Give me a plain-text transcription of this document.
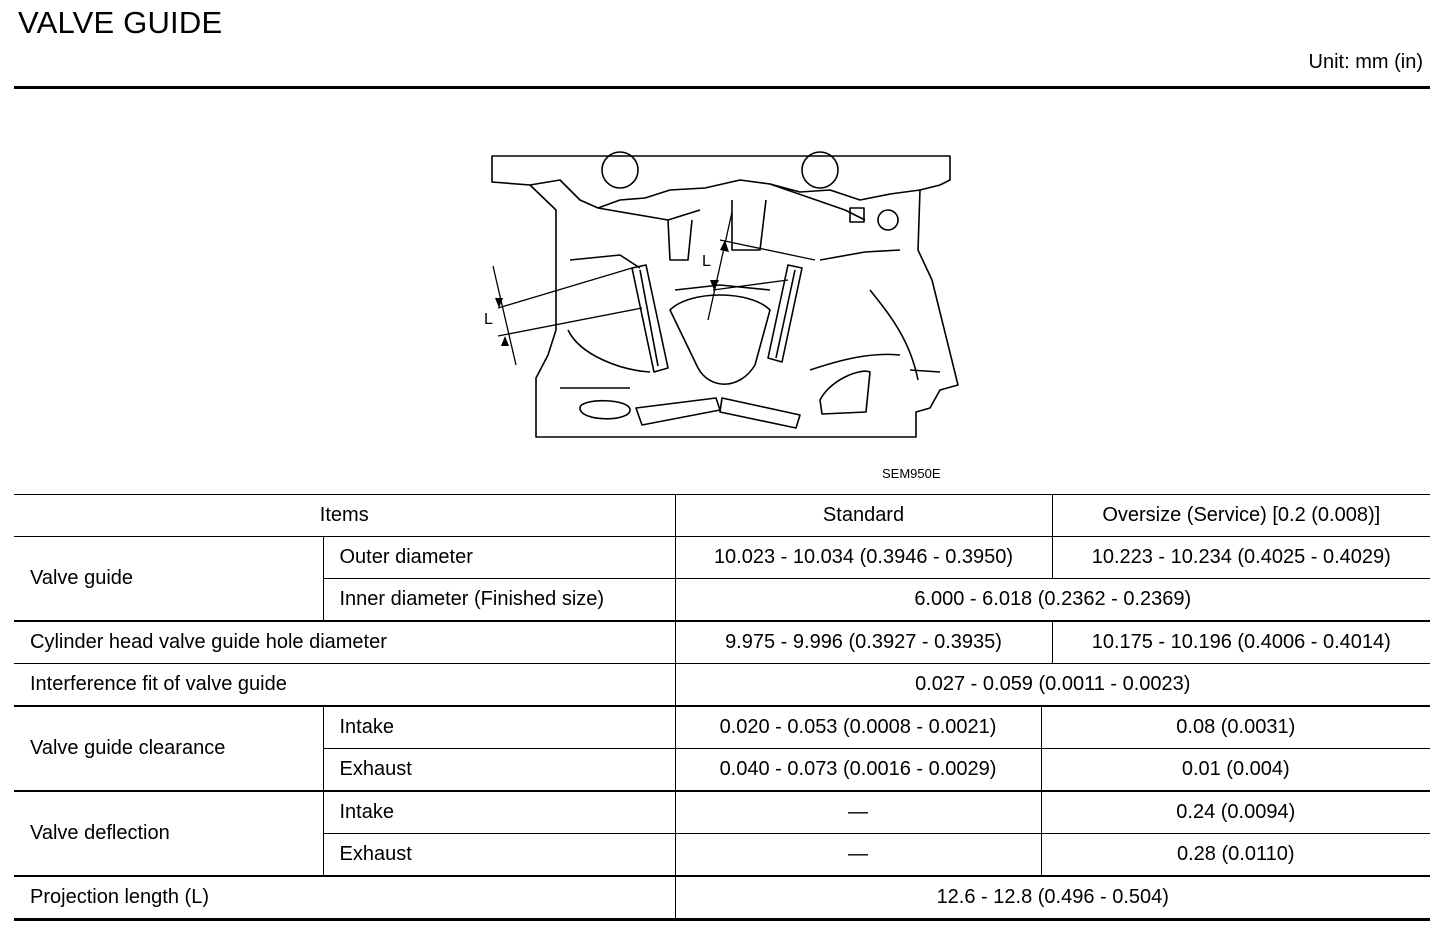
VALVE GUIDE
Unit: mm (in)
L
L
SEM950E
Items		Standard		Oversize (Service) [0.2 (0.008)]
Valve guide	Outer diameter	10.023 - 10.034 (0.3946 - 0.3950)		10.223 - 10.234 (0.4025 - 0.4029)
	Inner diameter (Finished size)	6.000 - 6.018 (0.2362 - 0.2369)		
Cylinder head valve guide hole diameter		9.975 - 9.996 (0.3927 - 0.3935)		10.175 - 10.196 (0.4006 - 0.4014)
Interference fit of valve guide		0.027 - 0.059 (0.0011 - 0.0023)		
Valve guide clearance	Intake	0.020 - 0.053 (0.0008 - 0.0021)	0.08 (0.0031)	
	Exhaust	0.040 - 0.073 (0.0016 - 0.0029)	0.01 (0.004)	
Valve deflection	Intake	—	0.24 (0.0094)	
	Exhaust	—	0.28 (0.0110)	
Projection length (L)		12.6 - 12.8 (0.496 - 0.504)		
